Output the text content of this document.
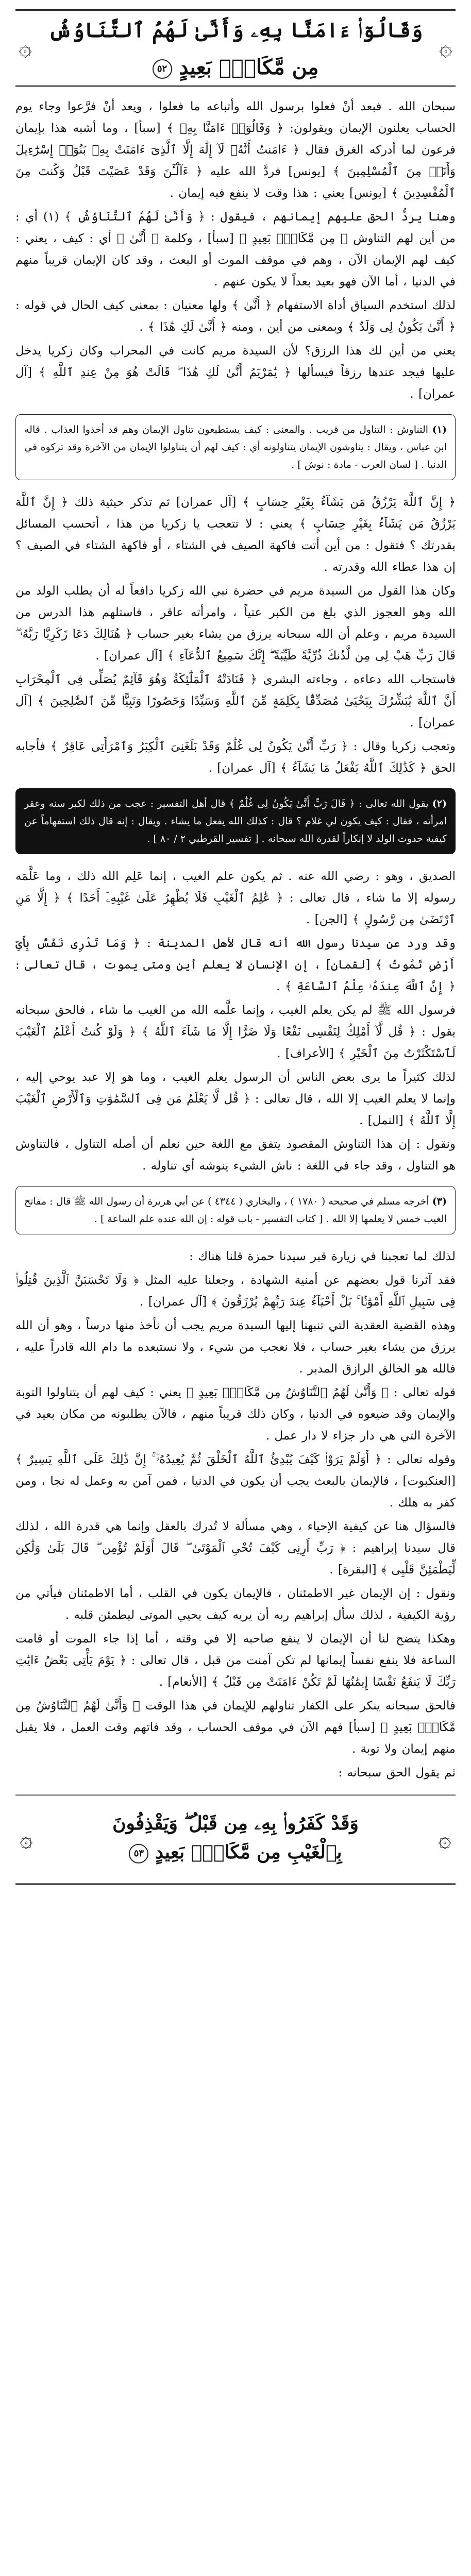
۞
۞
وَقَالُوٓا۟ ءَامَنَّا بِهِۦ وَأَنَّىٰ لَهُمُ ٱلتَّنَاوُشُ
مِن مَّكَانٍۭ بَعِيدٍ ٥٢

سبحان الله . فبعد أنْ فعلوا برسول الله وأتباعه ما فعلوا ، ويعد أنْ فرَّعوا وجاء يوم الحساب يعلنون الإيمان ويقولون: ﴿ وَقَالُوٓا۟ ءَامَنَّا بِهِۦ ﴾ [سبأ] ، وما أشبه هذا بإيمان فرعون لما أدركه الغرق فقال ﴿ ءَامَنتُ أَنَّهُۥ لَآ إِلَٰهَ إِلَّا ٱلَّذِىٓ ءَامَنَتْ بِهِۦ بَنُوٓا۟ إِسْرَٰٓءِيلَ وَأَنَا۠ مِنَ ٱلْمُسْلِمِينَ ﴾ [يونس] فردَّ الله عليه ﴿ ءَآلْـَٰٔنَ وَقَدْ عَصَيْتَ قَبْلُ وَكُنتَ مِنَ ٱلْمُفْسِدِينَ ﴾ [يونس] يعني : هذا وقت لا ينفع فيه إيمان .

وهنا يردُّ الحق عليهم إيمانهم ، فيقول : ﴿ وَأَنَّىٰ لَهُمُ ٱلتَّنَاوُشُ ﴾ (١) أي : من أين لهم التناوش ﴿ مِن مَّكَانٍۭ بَعِيدٍ ﴾ [سبأ] ، وكلمة ﴿ أَنَّىٰ ﴾ أي : كيف ، يعني : كيف لهم الإيمان الآن ، وهم في موقف الموت أو البعث ، وقد كان الإيمان قريباً منهم في الدنيا ، أما الآن فهو بعيد بعداً لا يكون عنهم .

لذلك استخدم السياق أداة الاستفهام ﴿ أَنَّىٰ ﴾ ولها معنيان : بمعنى كيف الحال في قوله : ﴿ أَنَّىٰ يَكُونُ لِى وَلَدٌ ﴾ وبمعنى من أين ، ومنه ﴿ أَنَّىٰ لَكِ هَٰذَا ﴾ .

يعني من أين لك هذا الرزق؟ لأن السيدة مريم كانت في المحراب وكان زكريا يدخل عليها فيجد عندها رزقاً فيسألها ﴿ يَٰمَرْيَمُ أَنَّىٰ لَكِ هَٰذَا ۖ قَالَتْ هُوَ مِنْ عِندِ ٱللَّهِ ﴾ [آل عمران] .

(١) التناوش : التناول من قريب . والمعنى : كيف يستطيعون تناول الإيمان وهم قد أخذوا العذاب . قاله ابن عباس ، ويقال : يناوشون الإيمان يتناولونه أي : كيف لهم أن يتناولوا الإيمان من الآخرة وقد تركوه في الدنيا . [ لسان العرب - مادة : نوش ] .

﴿ إِنَّ ٱللَّهَ يَرْزُقُ مَن يَشَآءُ بِغَيْرِ حِسَابٍ ﴾ [آل عمران] ثم تذكر حيثية ذلك ﴿ إِنَّ ٱللَّهَ يَرْزُقُ مَن يَشَآءُ بِغَيْرِ حِسَابٍ ﴾ يعني : لا تتعجب يا زكريا من هذا ، أتحسب المسائل بقدرتك ؟ فتقول : من أين أتت فاكهة الصيف في الشتاء ، أو فاكهة الشتاء في الصيف ؟ إن هذا عطاء الله وقدرته .

وكان هذا القول من السيدة مريم في حضرة نبي الله زكريا دافعاً له أن يطلب الولد من الله وهو العجوز الذي بلغ من الكبر عتياً ، وامرأته عاقر ، فاستلهم هذا الدرس من السيدة مريم ، وعلم أن الله سبحانه يرزق من يشاء بغير حساب ﴿ هُنَالِكَ دَعَا زَكَرِيَّا رَبَّهُۥ ۖ قَالَ رَبِّ هَبْ لِى مِن لَّدُنكَ ذُرِّيَّةً طَيِّبَةً ۖ إِنَّكَ سَمِيعُ ٱلدُّعَآءِ ﴾ [آل عمران] .

فاستجاب الله دعاءه ، وجاءته البشرى ﴿ فَنَادَتْهُ ٱلْمَلَٰٓئِكَةُ وَهُوَ قَآئِمٌ يُصَلِّى فِى ٱلْمِحْرَابِ أَنَّ ٱللَّهَ يُبَشِّرُكَ بِيَحْيَىٰ مُصَدِّقًۢا بِكَلِمَةٍ مِّنَ ٱللَّهِ وَسَيِّدًا وَحَصُورًا وَنَبِيًّا مِّنَ ٱلصَّٰلِحِينَ ﴾ [آل عمران] .

وتعجب زكريا وقال : ﴿ رَبِّ أَنَّىٰ يَكُونُ لِى غُلَٰمٌ وَقَدْ بَلَغَنِىَ ٱلْكِبَرُ وَٱمْرَأَتِى عَاقِرٌ ﴾ فأجابه الحق ﴿ كَذَٰلِكَ ٱللَّهُ يَفْعَلُ مَا يَشَآءُ ﴾ [آل عمران] .

(٢) يقول الله تعالى : ﴿ قَالَ رَبِّ أَنَّىٰ يَكُونُ لِى غُلَٰمٌ ﴾ قال أهل التفسير : عجب من ذلك لكبر سنه وعقر امرأته ، فقال : كيف يكون لي غلام ؟ قال : كذلك الله يفعل ما يشاء . ويقال : إنه قال ذلك استفهاماً عن كيفية حدوث الولد لا إنكاراً لقدرة الله سبحانه . [ تفسير القرطبي ٢ / ٨٠ ] .

الصديق ، وهو : رضي الله عنه . ثم يكون علم الغيب ، إنما عَلِم الله ذلك ، وما عَلَّمَه رسوله إلا ما شاء ، قال تعالى : ﴿ عَٰلِمُ ٱلْغَيْبِ فَلَا يُظْهِرُ عَلَىٰ غَيْبِهِۦٓ أَحَدًا ﴾ ﴿ إِلَّا مَنِ ٱرْتَضَىٰ مِن رَّسُولٍ ﴾ [الجن] .

وقد ورد عن سيدنا رسول الله أنه قال لأهل المدينة : ﴿ وَمَا تَدْرِى نَفْسٌۢ بِأَىِّ أَرْضٍ تَمُوتُ ﴾ [لقمان] ، إن الإنسان لا يعلم أين ومتى يموت ، قال تعالى : ﴿ إِنَّ ٱللَّهَ عِندَهُۥ عِلْمُ ٱلسَّاعَةِ ﴾ .

فرسول الله ﷺ لم يكن يعلم الغيب ، وإنما علَّمه الله من الغيب ما شاء ، فالحق سبحانه يقول : ﴿ قُل لَّآ أَمْلِكُ لِنَفْسِى نَفْعًا وَلَا ضَرًّا إِلَّا مَا شَآءَ ٱللَّهُ ﴾ ﴿ وَلَوْ كُنتُ أَعْلَمُ ٱلْغَيْبَ لَٱسْتَكْثَرْتُ مِنَ ٱلْخَيْرِ ﴾ [الأعراف] .

لذلك كثيراً ما يرى بعض الناس أن الرسول يعلم الغيب ، وما هو إلا عبد يوحي إليه ، وإنما لا يعلم الغيب إلا الله ، قال تعالى : ﴿ قُل لَّا يَعْلَمُ مَن فِى ٱلسَّمَٰوَٰتِ وَٱلْأَرْضِ ٱلْغَيْبَ إِلَّا ٱللَّهُ ﴾ [النمل] .

ونقول : إن هذا التناوش المقصود يتفق مع اللغة حين نعلم أن أصله التناول ، فالتناوش هو التناول ، وقد جاء في اللغة : ناش الشيء ينوشه أي تناوله .

(٣) أخرجه مسلم في صحيحه ( ١٧٨٠ ) ، والبخاري ( ٤٣٤٤ ) عن أبي هريرة أن رسول الله ﷺ قال : مفاتح الغيب خمس لا يعلمها إلا الله . [ كتاب التفسير - باب قوله : إن الله عنده علم الساعة ] .

لذلك لما تعجبنا في زيارة قبر سيدنا حمزة قلنا هناك :

فقد آثرنا قول بعضهم عن أمنية الشهادة ، وجعلنا عليه المثل ﴿ وَلَا تَحْسَبَنَّ ٱلَّذِينَ قُتِلُوا۟ فِى سَبِيلِ ٱللَّهِ أَمْوَٰتًۢا ۚ بَلْ أَحْيَآءٌ عِندَ رَبِّهِمْ يُرْزَقُونَ ﴾ [آل عمران] .

وهذه القضية العقدية التي تنبهنا إليها السيدة مريم يجب أن نأخذ منها درساً ، وهو أن الله يرزق من يشاء بغير حساب ، فلا نعجب من شيء ، ولا نستبعده ما دام الله قادراً عليه ، فالله هو الخالق الرازق المدبر .

قوله تعالى : ﴿ وَأَنَّىٰ لَهُمُ ٱلتَّنَاوُشُ مِن مَّكَانٍۭ بَعِيدٍ ﴾ يعني : كيف لهم أن يتناولوا التوبة والإيمان وقد ضيعوه في الدنيا ، وكان ذلك قريباً منهم ، فالآن يطلبونه من مكان بعيد في الآخرة التي هي دار جزاء لا دار عمل .

وقوله تعالى : ﴿ أَوَلَمْ يَرَوْا۟ كَيْفَ يُبْدِئُ ٱللَّهُ ٱلْخَلْقَ ثُمَّ يُعِيدُهُۥٓ ۚ إِنَّ ذَٰلِكَ عَلَى ٱللَّهِ يَسِيرٌ ﴾ [العنكبوت] ، فالإيمان بالبعث يجب أن يكون في الدنيا ، فمن آمن به وعمل له نجا ، ومن كفر به هلك .

فالسؤال هنا عن كيفية الإحياء ، وهي مسألة لا تُدرك بالعقل وإنما هي قدرة الله ، لذلك قال سيدنا إبراهيم : ﴿ رَبِّ أَرِنِى كَيْفَ تُحْىِ ٱلْمَوْتَىٰ ۖ قَالَ أَوَلَمْ تُؤْمِن ۖ قَالَ بَلَىٰ وَلَٰكِن لِّيَطْمَئِنَّ قَلْبِى ﴾ [البقرة] .

ونقول : إن الإيمان غير الاطمئنان ، فالإيمان يكون في القلب ، أما الاطمئنان فيأتي من رؤية الكيفية ، لذلك سأل إبراهيم ربه أن يريه كيف يحيي الموتى ليطمئن قلبه .

وهكذا يتضح لنا أن الإيمان لا ينفع صاحبه إلا في وقته ، أما إذا جاء الموت أو قامت الساعة فلا ينفع نفساً إيمانها لم تكن آمنت من قبل ، قال تعالى : ﴿ يَوْمَ يَأْتِى بَعْضُ ءَايَٰتِ رَبِّكَ لَا يَنفَعُ نَفْسًا إِيمَٰنُهَا لَمْ تَكُنْ ءَامَنَتْ مِن قَبْلُ ﴾ [الأنعام] .

فالحق سبحانه ينكر على الكفار تناولهم للإيمان في هذا الوقت ﴿ وَأَنَّىٰ لَهُمُ ٱلتَّنَاوُشُ مِن مَّكَانٍۭ بَعِيدٍ ﴾ [سبأ] فهم الآن في موقف الحساب ، وقد فاتهم وقت العمل ، فلا يقبل منهم إيمان ولا توبة .

ثم يقول الحق سبحانه :

۞
۞
وَقَدْ كَفَرُوا۟ بِهِۦ مِن قَبْلُ ۖ وَيَقْذِفُونَ
بِٱلْغَيْبِ مِن مَّكَانٍۭ بَعِيدٍ ٥٣
